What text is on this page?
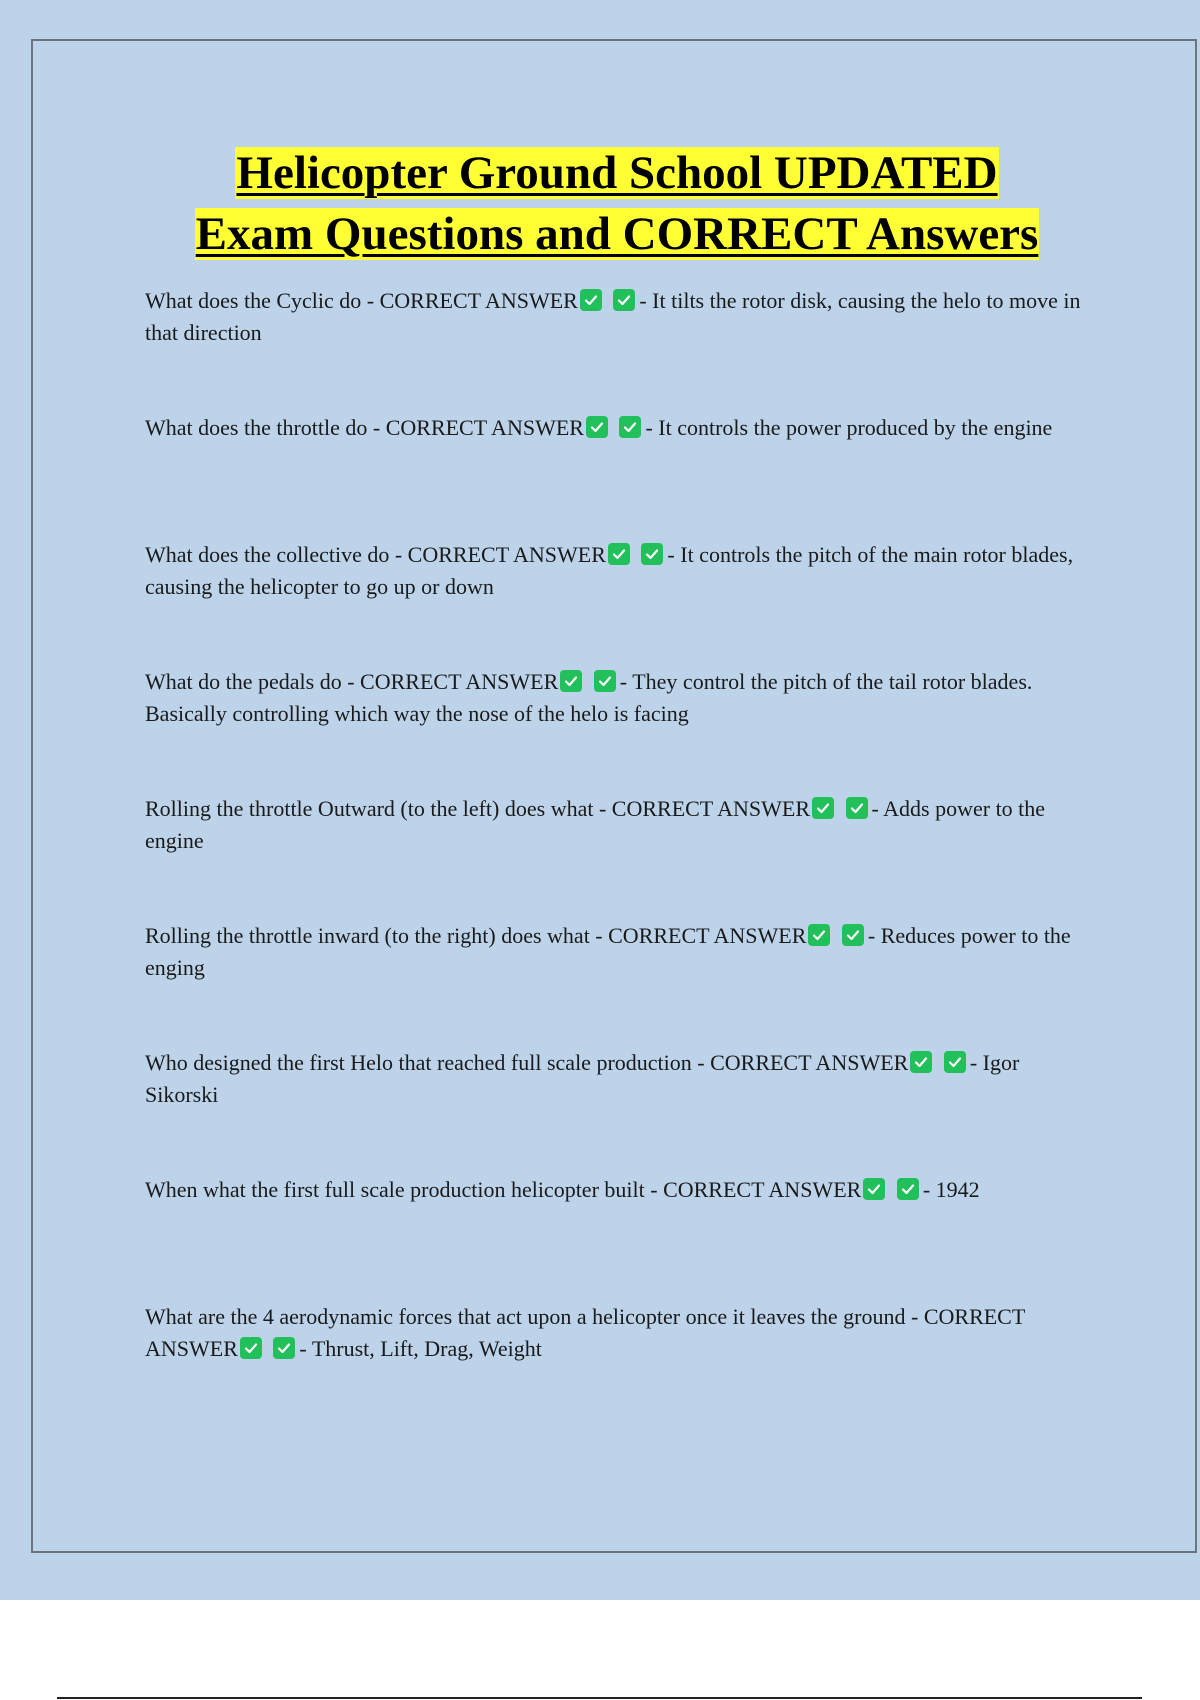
Helicopter Ground School UPDATED
Exam Questions and CORRECT Answers
What does the Cyclic do - CORRECT ANSWER
	- It tilts the rotor disk, causing the helo to move in that direction
What does the throttle do - CORRECT ANSWER
	- It controls the power produced by the engine
What does the collective do - CORRECT ANSWER
	- It controls the pitch of the main rotor blades, causing the helicopter to go up or down
What do the pedals do - CORRECT ANSWER
	- They control the pitch of the tail rotor blades. Basically controlling which way the nose of the helo is facing
Rolling the throttle Outward (to the left) does what - CORRECT ANSWER
	- Adds power to the engine
Rolling the throttle inward (to the right) does what - CORRECT ANSWER
	- Reduces power to the enging
Who designed the first Helo that reached full scale production - CORRECT ANSWER
	- Igor Sikorski
When what the first full scale production helicopter built - CORRECT ANSWER
	- 1942
What are the 4 aerodynamic forces that act upon a helicopter once it leaves the ground - CORRECT ANSWER
	- Thrust, Lift, Drag, Weight
